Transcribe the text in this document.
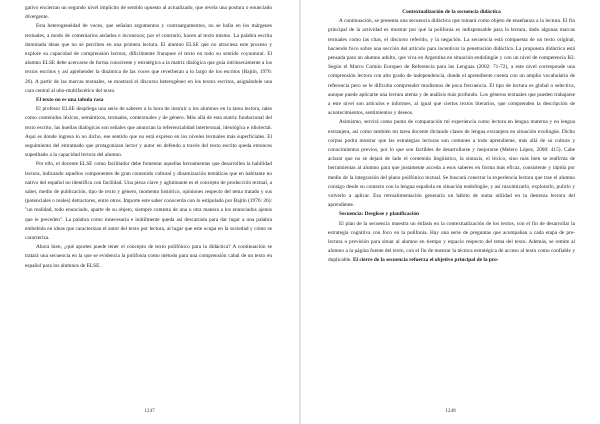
gativo encierran un segundo nivel implícito de sentido opuesto al actualizado, que revela una postura o enunciado divergente.

Esta heterogeneidad de voces, que señalan argumentos y contraargumentos, no se halla en los márgenes textuales, a modo de comentarios aislados e inconexos; por el contrario, hacen al texto mismo. La palabra escrita dominada ideas que no se perciben en una primera lectura. El alumno ELSE que no atraviesa este proceso y explore su capacidad de comprensión lectora, difícilmente franquee el texto en todo su sentido coyuntural. El alumno ELSE debe acercarse de forma consciente y estratégica a la matriz dialógica que guía intrínsecamente a los textos escritos y así aprehender la dinámica de las voces que reverberan a lo largo de los escritos (Bajtín, 1976: 26). A partir de las marcas textuales, se mostrará el discurso heterogéneo en los textos escritos, asignándole una cara central al ubo-multifacético del texto.

El texto no es una tabula rasa

El profesor ELSE despliega una serie de saberes a la hora de instruir a los alumnos en la tarea lectora, tales como contenidos léxicos, semánticos, textuales, contextuales y de género. Más allá de esta matriz fundacional del texto escrito, las huellas dialógicas son señales que anuncian la referencialidad intertextual, ideológica e idiolectal. Aquí es donde ingresa lo no dicho, ese sentido que no está expreso en los niveles textuales más superficiales. El seguimiento del entramado que protagonizan lector y autor en defendo a través del texto escrito queda entonces supeditado a la capacidad lectora del alumno.

Por ello, el docente ELSE como facilitador debe fomentar aquellas herramientas que desarrollen la habilidad lectora, indicando aquellos componentes de gran contenido cultural y dinamización temáticas que en habitante no nativo del español no identifica con facilidad. Una pieza clave y aglutinante es el concepto de producción textual, a saber, medio de publicación, tipo de texto y género, momento histórico, opiniones respecto del tema tratado y sus (potenciales o reales) detractores, entre otros. Importe este saber conocerda con lo estipulado por Bajtín (1976: 26): "un realidad, todo enunciado, aparte de su objeto, siempre contesta de una u otra manera a los enunciados ajenos que le preceden". La palabra como innecesaria e inútilmente queda así descartada para dar lugar a una palabra embebida en ideas que caracterizan el autor del texto por lectura, al lugar que este ocupa en la sociedad y cómo se caracteriza.

Ahora bien, ¿qué aportes puede tener el concepto de texto polifónico para la didáctica? A continuación se tratará una secuencia en la que se evidencia la polifonía como método para una comprensión cabal de un texto en español para los alumnos de ELSE.

1247

Contextualización de la secuencia didáctica

A continuación, se presenta una secuencia didáctica que tomará como objeto de enseñanza a la lectura. El fin principal de la actividad es mostrar por qué la polifonía es indispensable para la lectura, dado algunas marcas textuales como las citas, el discurso referido, y la negación. La secuencia está compuesta de un texto original, haciendo foco sobre una sección del artículo para incentivar la penetración didáctica. La propuesta didáctica está pensada para un alumno adulto, que viva en Argentina en situación endolingüe y con un nivel de competencia B2. Según el Marco Común Europeo de Referencia para las Lenguas (2002: 71-72), a este nivel corresponde una comprensión lectora con alto grado de independencia, donde el aprendiente cuenta con un amplio vocabulario de referencia pero se le dificulta comprender modismos de poca frecuencia. El tipo de lectura es global o selectiva, aunque puede aplicarse una lectura atenta y de análisis más profundo. Los géneros textuales que pueden trabajarse a este nivel son artículos e informes, al igual que ciertos textos literarios, que comprenden la descripción de acontecimientos, sentimientos y deseos.

Asimismo, servirá como punto de comparación mi experiencia como lectora en lengua materna y en lengua extranjera, así como también mi tarea docente dictando clases de lengua extranjera en situación exolingüe. Dicho corpus podrá mostrar que las estrategias lectoras son comunes a todo aprendiente, más allá de su cultura y conocimientos previos, por lo que son factibles de desarrollarse y mejorarse (Melero López, 2000: 415). Cabe aclarar que no se dejará de lado el contenido lingüístico, la sintaxis, el léxico, sino más bien se reafirma de herramientas al alumno para que justamente acceda a esos saberes en forma más eficaz, consistente y rápida por medio de la integración del plano polifónico textual. Se buscará conectar la experiencia lectora que trae el alumno consigo desde su contacto con la lengua española en situación endolingüe, y así maximizarlo, explotarlo, pulirlo y volverlo a aplicar. Esa retroalimentación generaría un hábito de suma utilidad en la destreza lectora del aprendiente.

Secuencia: Desglose y planificación

El plan de la secuencia muestra un énfasis en la contextualización de los textos, con el fin de desarrollar la estrategia cognitiva con foco en la polifonía. Hay una serie de preguntas que acompañan a cada etapa de pre-lectura o previsión para situar al alumno en tiempo y espacio respecto del tema del texto. Además, se remite al alumno a la página fuente del texto, con el fin de mostrar la técnica estratégica de acceso al texto como confiable y duplicable. El cierre de la secuencia refuerza el objetivo principal de la pro-

1248
